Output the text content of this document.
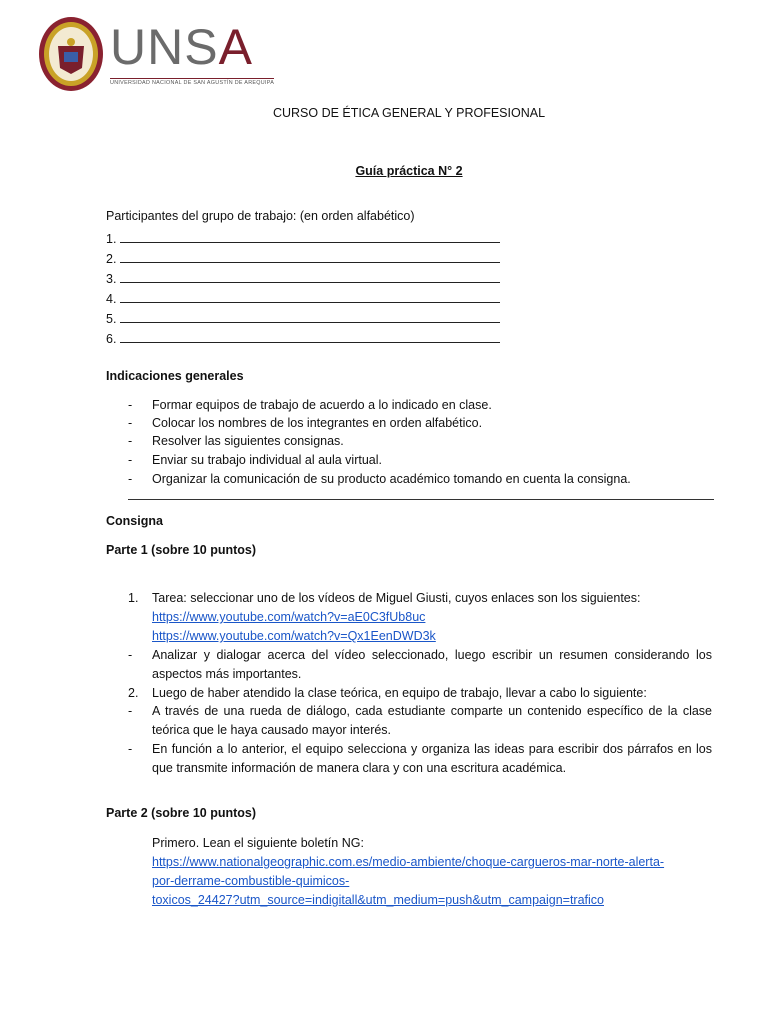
UNSA
UNIVERSIDAD NACIONAL DE SAN AGUSTÍN DE AREQUIPA
CURSO DE ÉTICA GENERAL Y PROFESIONAL
Guía práctica N° 2
Participantes del grupo de trabajo: (en orden alfabético)
1.
2.
3.
4.
5.
6.
Indicaciones generales
- Formar equipos de trabajo de acuerdo a lo indicado en clase.
- Colocar los nombres de los integrantes en orden alfabético.
- Resolver las siguientes consignas.
- Enviar su trabajo individual al aula virtual.
- Organizar la comunicación de su producto académico tomando en cuenta la consigna.
Consigna
Parte 1 (sobre 10 puntos)
1. Tarea: seleccionar uno de los vídeos de Miguel Giusti, cuyos enlaces son los siguientes:
https://www.youtube.com/watch?v=aE0C3fUb8uc
https://www.youtube.com/watch?v=Qx1EenDWD3k
- Analizar y dialogar acerca del vídeo seleccionado, luego escribir un resumen considerando los aspectos más importantes.
2. Luego de haber atendido la clase teórica, en equipo de trabajo, llevar a cabo lo siguiente:
- A través de una rueda de diálogo, cada estudiante comparte un contenido específico de la clase teórica que le haya causado mayor interés.
- En función a lo anterior, el equipo selecciona y organiza las ideas para escribir dos párrafos en los que transmite información de manera clara y con una escritura académica.
Parte 2 (sobre 10 puntos)
Primero. Lean el siguiente boletín NG:
https://www.nationalgeographic.com.es/medio-ambiente/choque-cargueros-mar-norte-alerta-
por-derrame-combustible-quimicos-
toxicos_24427?utm_source=indigitall&utm_medium=push&utm_campaign=trafico
